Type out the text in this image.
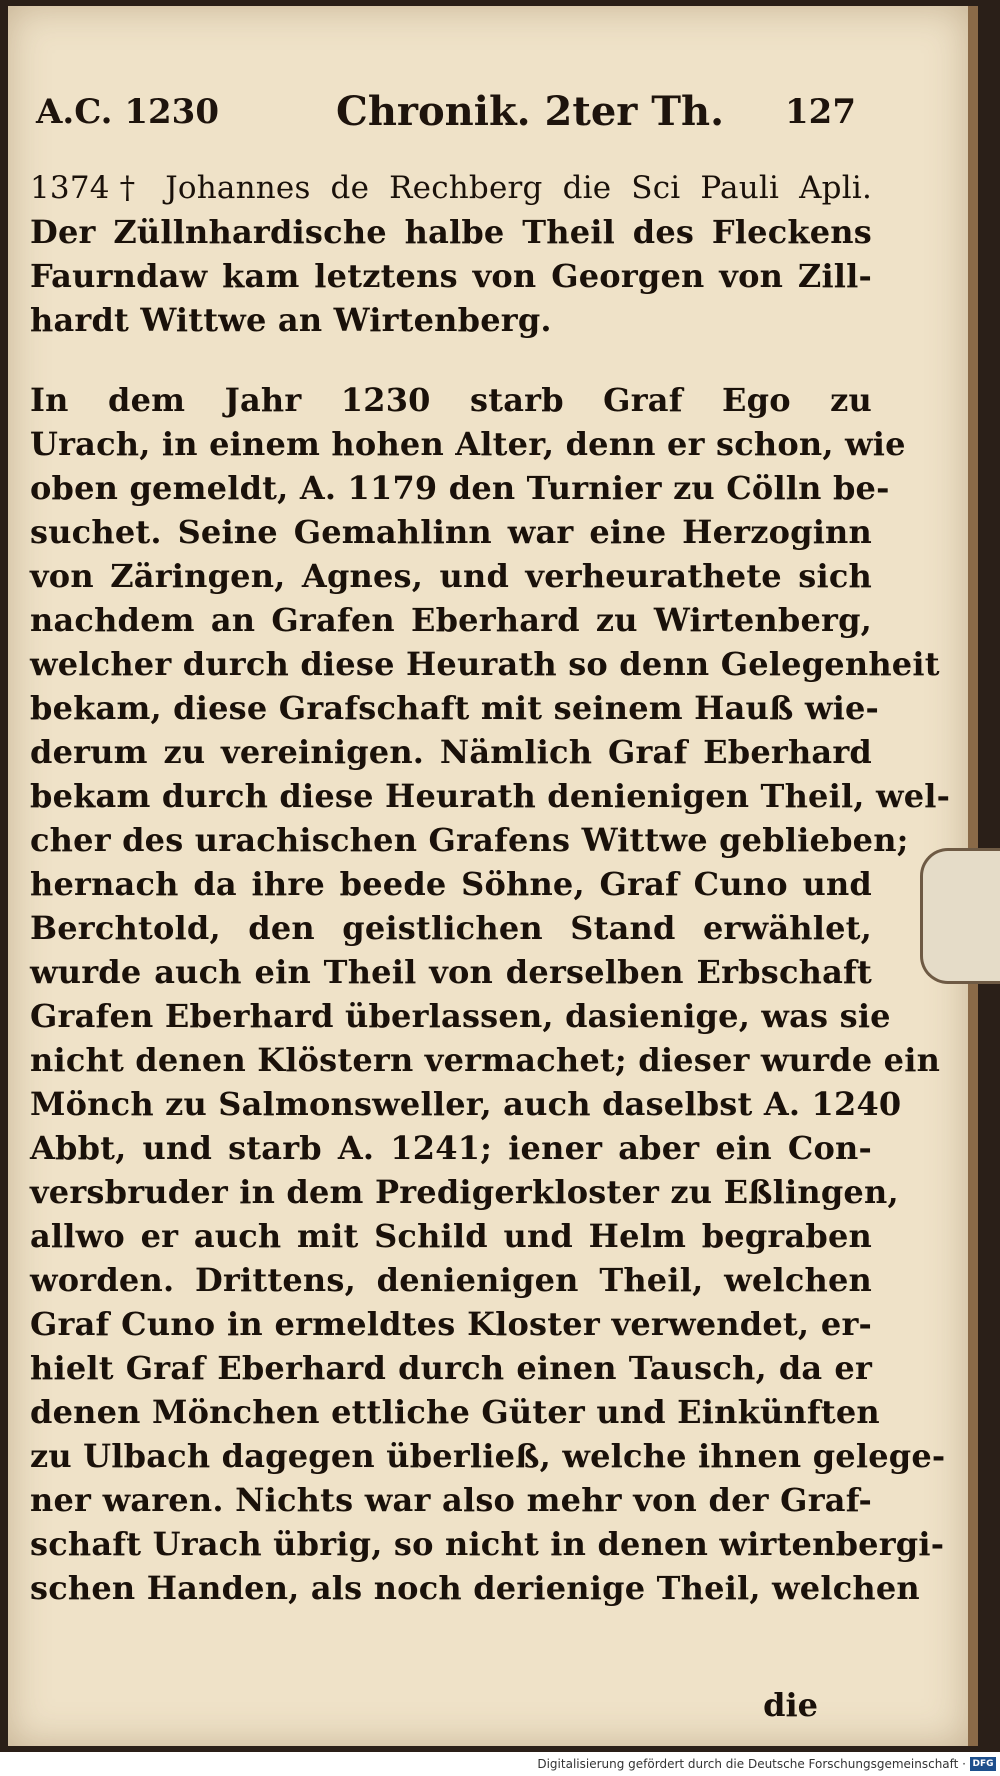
A.C. 1230	Chronik. 2ter Th. 127
1374† Johannes de Rechberg die Sci Pauli Apli.
Der Züllnhardische halbe Theil des Fleckens
Faurndaw kam letztens von Georgen von Zill-
hardt Wittwe an Wirtenberg.
In dem Jahr 1230 starb Graf Ego zu
Urach, in einem hohen Alter, denn er schon, wie
oben gemeldt, A. 1179 den Turnier zu Cölln be-
suchet. Seine Gemahlinn war eine Herzoginn
von Zäringen, Agnes, und verheurathete sich
nachdem an Grafen Eberhard zu Wirtenberg,
welcher durch diese Heurath so denn Gelegenheit
bekam, diese Grafschaft mit seinem Hauß wie-
derum zu vereinigen. Nämlich Graf Eberhard
bekam durch diese Heurath denienigen Theil, wel-
cher des urachischen Grafens Wittwe geblieben;
hernach da ihre beede Söhne, Graf Cuno und
Berchtold, den geistlichen Stand erwählet,
wurde auch ein Theil von derselben Erbschaft
Grafen Eberhard überlassen, dasienige, was sie
nicht denen Klöstern vermachet; dieser wurde ein
Mönch zu Salmonsweller, auch daselbst A. 1240
Abbt, und starb A. 1241; iener aber ein Con-
versbruder in dem Predigerkloster zu Eßlingen,
allwo er auch mit Schild und Helm begraben
worden. Drittens, denienigen Theil, welchen
Graf Cuno in ermeldtes Kloster verwendet, er-
hielt Graf Eberhard durch einen Tausch, da er
denen Mönchen ettliche Güter und Einkünften
zu Ulbach dagegen überließ, welche ihnen gelege-
ner waren. Nichts war also mehr von der Graf-
schaft Urach übrig, so nicht in denen wirtenbergi-
schen Handen, als noch derienige Theil, welchen
die
Digitalisierung gefördert durch die Deutsche Forschungsgemeinschaft · DFG
